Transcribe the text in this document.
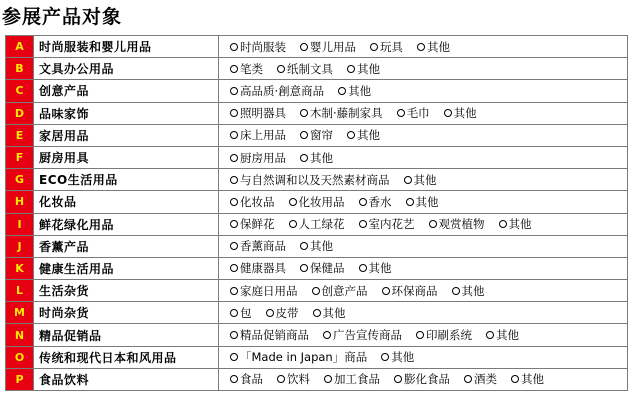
参展产品对象
A	时尚服装和婴儿用品	时尚服装 婴儿用品 玩具 其他
B	文具办公用品	笔类 纸制文具 其他
C	创意产品	高品质·創意商品 其他
D	品味家饰	照明器具 木制·藤制家具 毛巾 其他
E	家居用品	床上用品 窗帘 其他
F	厨房用具	厨房用品 其他
G	ECO生活用品	与自然调和以及天然素材商品 其他
H	化妆品	化妆品 化妆用品 香水 其他
I	鲜花绿化用品	保鲜花 人工绿花 室内花艺 观赏植物 其他
J	香薰产品	香薰商品 其他
K	健康生活用品	健康器具 保健品 其他
L	生活杂货	家庭日用品 创意产品 环保商品 其他
M	时尚杂货	包 皮带 其他
N	精品促销品	精品促销商品 广告宣传商品 印刷系统 其他
O	传统和现代日本和风用品	「Made in Japan」商品 其他
P	食品饮料	食品 饮料 加工食品 膨化食品 酒类 其他
